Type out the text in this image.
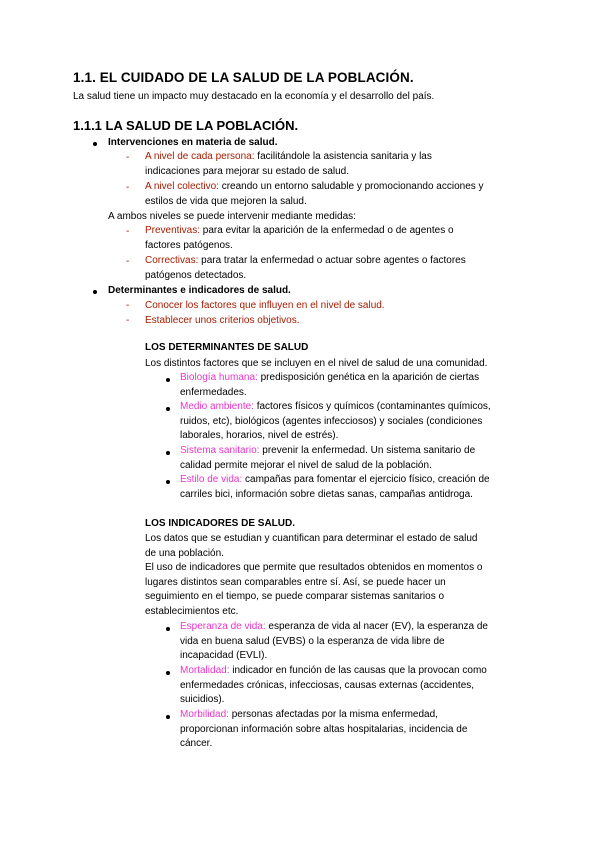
1.1. EL CUIDADO DE LA SALUD DE LA POBLACIÓN.
La salud tiene un impacto muy destacado en la economía y el desarrollo del país.
1.1.1 LA SALUD DE LA POBLACIÓN.
Intervenciones en materia de salud.
- A nivel de cada persona: facilitándole la asistencia sanitaria y las
indicaciones para mejorar su estado de salud.
- A nivel colectivo: creando un entorno saludable y promocionando acciones y
estilos de vida que mejoren la salud.
A ambos niveles se puede intervenir mediante medidas:
- Preventivas: para evitar la aparición de la enfermedad o de agentes o
factores patógenos.
- Correctivas: para tratar la enfermedad o actuar sobre agentes o factores
patógenos detectados.
Determinantes e indicadores de salud.
- Conocer los factores que influyen en el nivel de salud.
- Establecer unos criterios objetivos.
LOS DETERMINANTES DE SALUD
Los distintos factores que se incluyen en el nivel de salud de una comunidad.
Biología humana: predisposición genética en la aparición de ciertas
enfermedades.
Medio ambiente: factores físicos y químicos (contaminantes químicos,
ruidos, etc), biológicos (agentes infecciosos) y sociales (condiciones
laborales, horarios, nivel de estrés).
Sistema sanitario: prevenir la enfermedad. Un sistema sanitario de
calidad permite mejorar el nivel de salud de la población.
Estilo de vida: campañas para fomentar el ejercicio físico, creación de
carriles bici, información sobre dietas sanas, campañas antidroga.
LOS INDICADORES DE SALUD.
Los datos que se estudian y cuantifican para determinar el estado de salud
de una población.
El uso de indicadores que permite que resultados obtenidos en momentos o
lugares distintos sean comparables entre sí. Así, se puede hacer un
seguimiento en el tiempo, se puede comparar sistemas sanitarios o
establecimientos etc.
Esperanza de vida: esperanza de vida al nacer (EV), la esperanza de
vida en buena salud (EVBS) o la esperanza de vida libre de
incapacidad (EVLI).
Mortalidad: indicador en función de las causas que la provocan como
enfermedades crónicas, infecciosas, causas externas (accidentes,
suicidios).
Morbilidad: personas afectadas por la misma enfermedad,
proporcionan información sobre altas hospitalarias, incidencia de
cáncer.
